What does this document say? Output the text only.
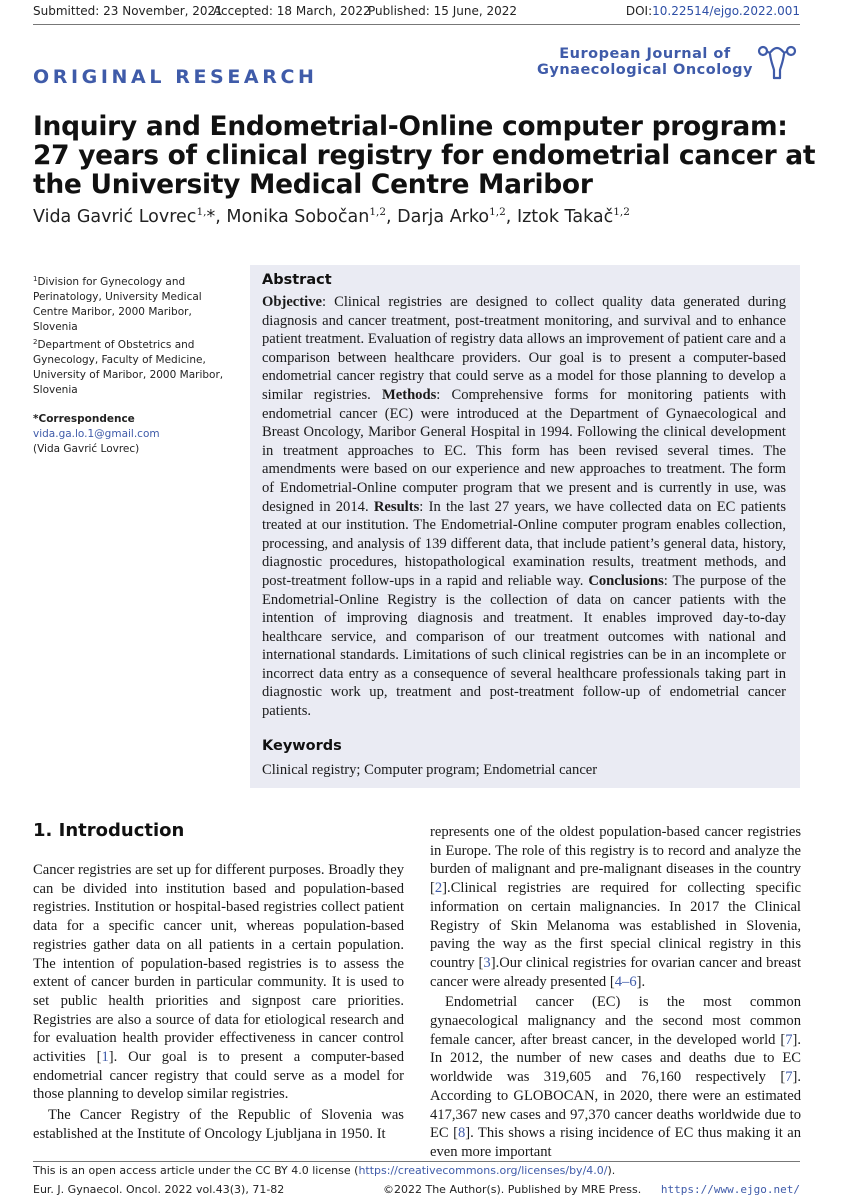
Submitted: 23 November, 2021
Accepted: 18 March, 2022
Published: 15 June, 2022	DOI:10.22514/ejgo.2022.001
ORIGINAL RESEARCH
European Journal of
Gynaecological Oncology
Inquiry and Endometrial-Online computer program: 27 years of clinical registry for endometrial cancer at the University Medical Centre Maribor
Vida Gavrić Lovrec$^{1,}$*, Monika Sobočan$^{1,2}$, Darja Arko$^{1,2}$, Iztok Takač$^{1,2}$
$^1$Division for Gynecology and Perinatology, University Medical Centre Maribor, 2000 Maribor, Slovenia
$^2$Department of Obstetrics and Gynecology, Faculty of Medicine, University of Maribor, 2000 Maribor, Slovenia
*Correspondence
vida.ga.lo.1@gmail.com
(Vida Gavrić Lovrec)
Abstract
Objective: Clinical registries are designed to collect quality data generated during diagnosis and cancer treatment, post-treatment monitoring, and survival and to enhance patient treatment. Evaluation of registry data allows an improvement of patient care and a comparison between healthcare providers. Our goal is to present a computer-based endometrial cancer registry that could serve as a model for those planning to develop a similar registries. Methods: Comprehensive forms for monitoring patients with endometrial cancer (EC) were introduced at the Department of Gynaecological and Breast Oncology, Maribor General Hospital in 1994. Following the clinical development in treatment approaches to EC. This form has been revised several times. The amendments were based on our experience and new approaches to treatment. The form of Endometrial-Online computer program that we present and is currently in use, was designed in 2014. Results: In the last 27 years, we have collected data on EC patients treated at our institution. The Endometrial-Online computer program enables collection, processing, and analysis of 139 different data, that include patient’s general data, history, diagnostic procedures, histopathological examination results, treatment methods, and post-treatment follow-ups in a rapid and reliable way. Conclusions: The purpose of the Endometrial-Online Registry is the collection of data on cancer patients with the intention of improving diagnosis and treatment. It enables improved day-to-day healthcare service, and comparison of our treatment outcomes with national and international standards. Limitations of such clinical registries can be in an incomplete or incorrect data entry as a consequence of several healthcare professionals taking part in diagnostic work up, treatment and post-treatment follow-up of endometrial cancer patients.
Keywords
Clinical registry; Computer program; Endometrial cancer
1. Introduction

Cancer registries are set up for different purposes. Broadly they can be divided into institution based and population-based registries. Institution or hospital-based registries collect patient data for a specific cancer unit, whereas population-based registries gather data on all patients in a certain population. The intention of population-based registries is to assess the extent of cancer burden in particular community. It is used to set public health priorities and signpost care priorities. Registries are also a source of data for etiological research and for evaluation health provider effectiveness in cancer control activities [1]. Our goal is to present a computer-based endometrial cancer registry that could serve as a model for those planning to develop similar registries.

The Cancer Registry of the Republic of Slovenia was established at the Institute of Oncology Ljubljana in 1950. It

represents one of the oldest population-based cancer registries in Europe. The role of this registry is to record and analyze the burden of malignant and pre-malignant diseases in the country [2].Clinical registries are required for collecting specific information on certain malignancies. In 2017 the Clinical Registry of Skin Melanoma was established in Slovenia, paving the way as the first special clinical registry in this country [3].Our clinical registries for ovarian cancer and breast cancer were already presented [4–6].

Endometrial cancer (EC) is the most common gynaecological malignancy and the second most common female cancer, after breast cancer, in the developed world [7]. In 2012, the number of new cases and deaths due to EC worldwide was 319,605 and 76,160 respectively [7]. According to GLOBOCAN, in 2020, there were an estimated 417,367 new cases and 97,370 cancer deaths worldwide due to EC [8]. This shows a rising incidence of EC thus making it an even more important

This is an open access article under the CC BY 4.0 license (https://creativecommons.org/licenses/by/4.0/).
Eur. J. Gynaecol. Oncol. 2022 vol.43(3), 71-82	©2022 The Author(s). Published by MRE Press. https://www.ejgo.net/
